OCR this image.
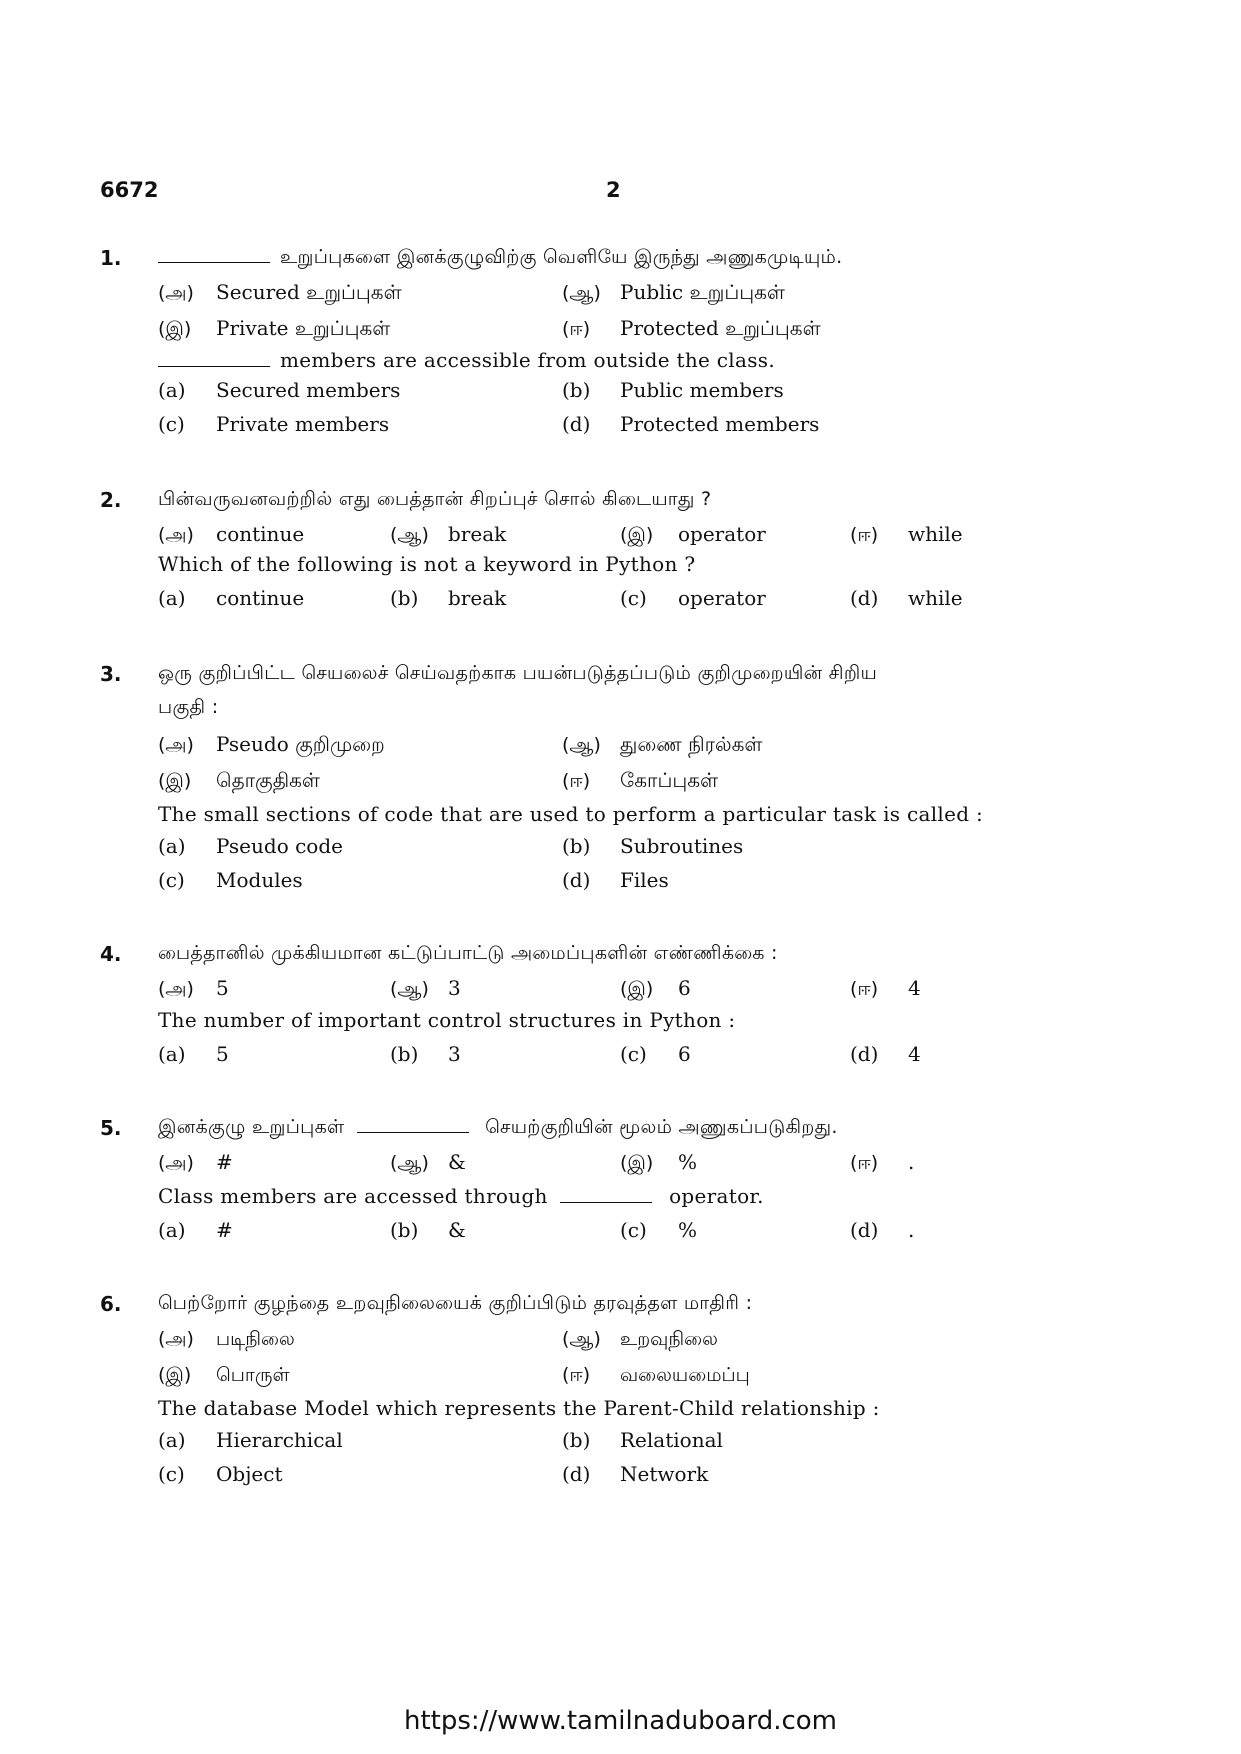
6672	2
1.	உறுப்புகளை இனக்குழுவிற்கு வெளியே இருந்து அணுகமுடியும்.
(அ) Secured உறுப்புகள்	(ஆ) Public உறுப்புகள்
(இ) Private உறுப்புகள்	(ஈ) Protected உறுப்புகள்
members are accessible from outside the class.
(a) Secured members	(b) Public members
(c) Private members	(d) Protected members
2. பின்வருவனவற்றில் எது பைத்தான் சிறப்புச் சொல் கிடையாது ?
(அ) continue	(ஆ) break	(இ) operator	(ஈ) while
Which of the following is not a keyword in Python ?
(a) continue	(b) break	(c) operator	(d) while
3. ஒரு குறிப்பிட்ட செயலைச் செய்வதற்காக பயன்படுத்தப்படும் குறிமுறையின் சிறிய
பகுதி :
(அ) Pseudo குறிமுறை	(ஆ) துணை நிரல்கள்
(இ) தொகுதிகள்	(ஈ) கோப்புகள்
The small sections of code that are used to perform a particular task is called :
(a) Pseudo code	(b) Subroutines
(c) Modules	(d) Files
4. பைத்தானில் முக்கியமான கட்டுப்பாட்டு அமைப்புகளின் எண்ணிக்கை :
(அ) 5	(ஆ) 3	(இ) 6	(ஈ) 4
The number of important control structures in Python :
(a) 5	(b) 3	(c) 6	(d) 4
5. இனக்குழு உறுப்புகள்	செயற்குறியின் மூலம் அணுகப்படுகிறது.
(அ) #	(ஆ) &	(இ) %	(ஈ) .
Class members are accessed through	operator.
(a) #	(b) &	(c) %	(d) .
6. பெற்றோர் குழந்தை உறவுநிலையைக் குறிப்பிடும் தரவுத்தள மாதிரி :
(அ) படிநிலை	(ஆ) உறவுநிலை
(இ) பொருள்	(ஈ) வலையமைப்பு
The database Model which represents the Parent-Child relationship :
(a) Hierarchical	(b) Relational
(c) Object	(d) Network
https://www.tamilnaduboard.com
